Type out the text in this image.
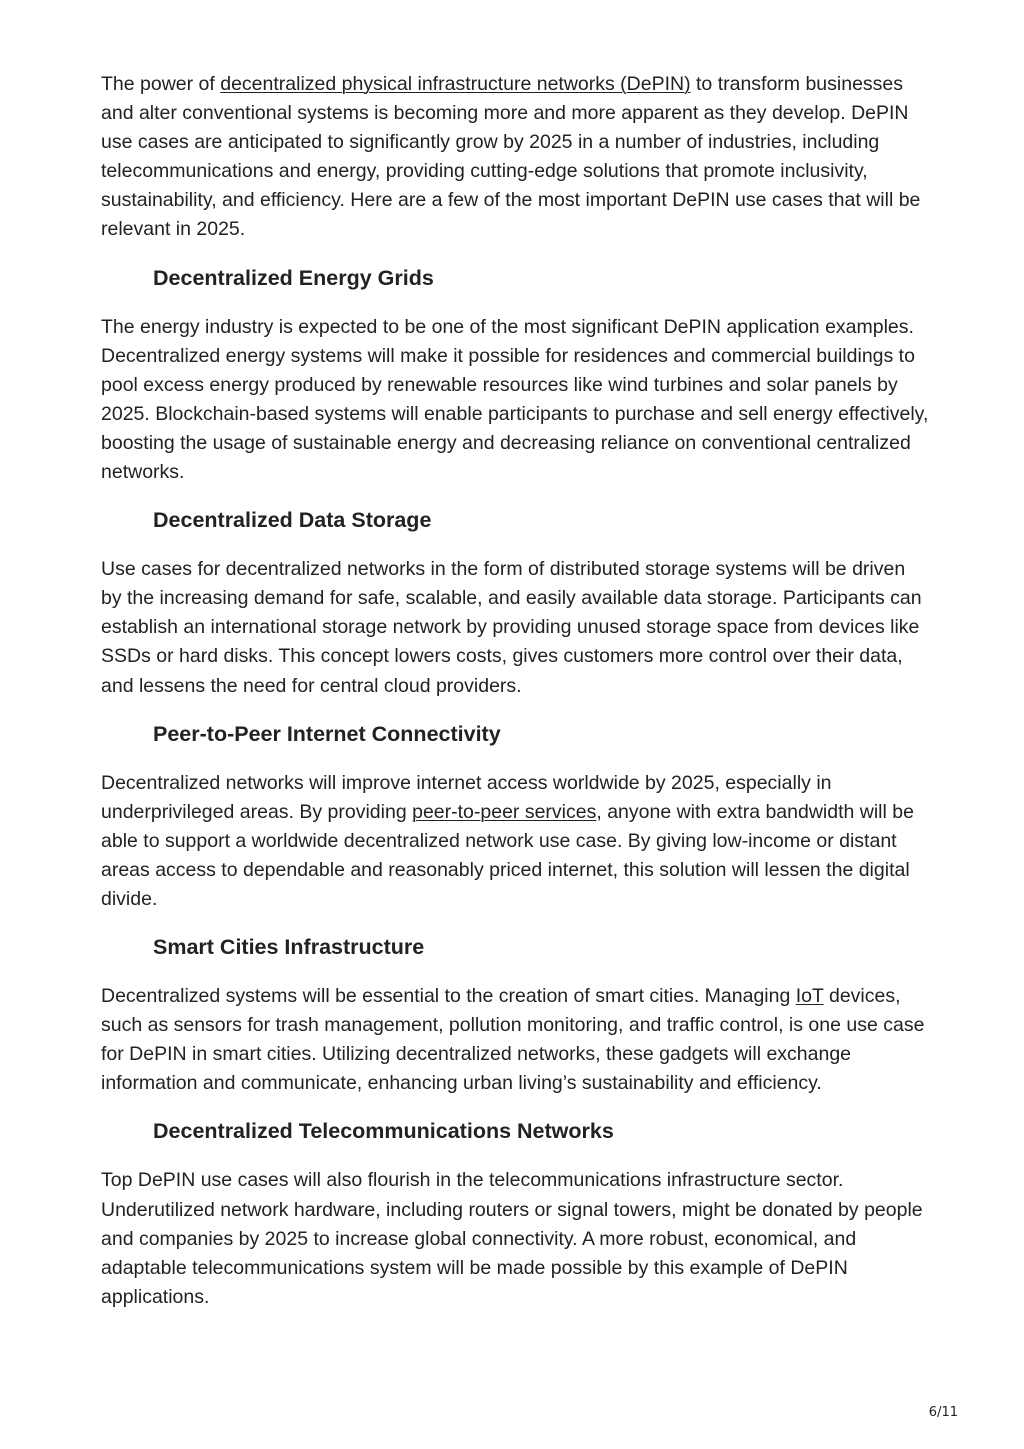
The power of decentralized physical infrastructure networks (DePIN) to transform businesses and alter conventional systems is becoming more and more apparent as they develop. DePIN use cases are anticipated to significantly grow by 2025 in a number of industries, including telecommunications and energy, providing cutting-edge solutions that promote inclusivity, sustainability, and efficiency. Here are a few of the most important DePIN use cases that will be relevant in 2025.

Decentralized Energy Grids

The energy industry is expected to be one of the most significant DePIN application examples. Decentralized energy systems will make it possible for residences and commercial buildings to pool excess energy produced by renewable resources like wind turbines and solar panels by 2025. Blockchain-based systems will enable participants to purchase and sell energy effectively, boosting the usage of sustainable energy and decreasing reliance on conventional centralized networks.

Decentralized Data Storage

Use cases for decentralized networks in the form of distributed storage systems will be driven by the increasing demand for safe, scalable, and easily available data storage. Participants can establish an international storage network by providing unused storage space from devices like SSDs or hard disks. This concept lowers costs, gives customers more control over their data, and lessens the need for central cloud providers.

Peer-to-Peer Internet Connectivity

Decentralized networks will improve internet access worldwide by 2025, especially in underprivileged areas. By providing peer-to-peer services, anyone with extra bandwidth will be able to support a worldwide decentralized network use case. By giving low-income or distant areas access to dependable and reasonably priced internet, this solution will lessen the digital divide.

Smart Cities Infrastructure

Decentralized systems will be essential to the creation of smart cities. Managing IoT devices, such as sensors for trash management, pollution monitoring, and traffic control, is one use case for DePIN in smart cities. Utilizing decentralized networks, these gadgets will exchange information and communicate, enhancing urban living’s sustainability and efficiency.

Decentralized Telecommunications Networks

Top DePIN use cases will also flourish in the telecommunications infrastructure sector. Underutilized network hardware, including routers or signal towers, might be donated by people and companies by 2025 to increase global connectivity. A more robust, economical, and adaptable telecommunications system will be made possible by this example of DePIN applications.

6/11
